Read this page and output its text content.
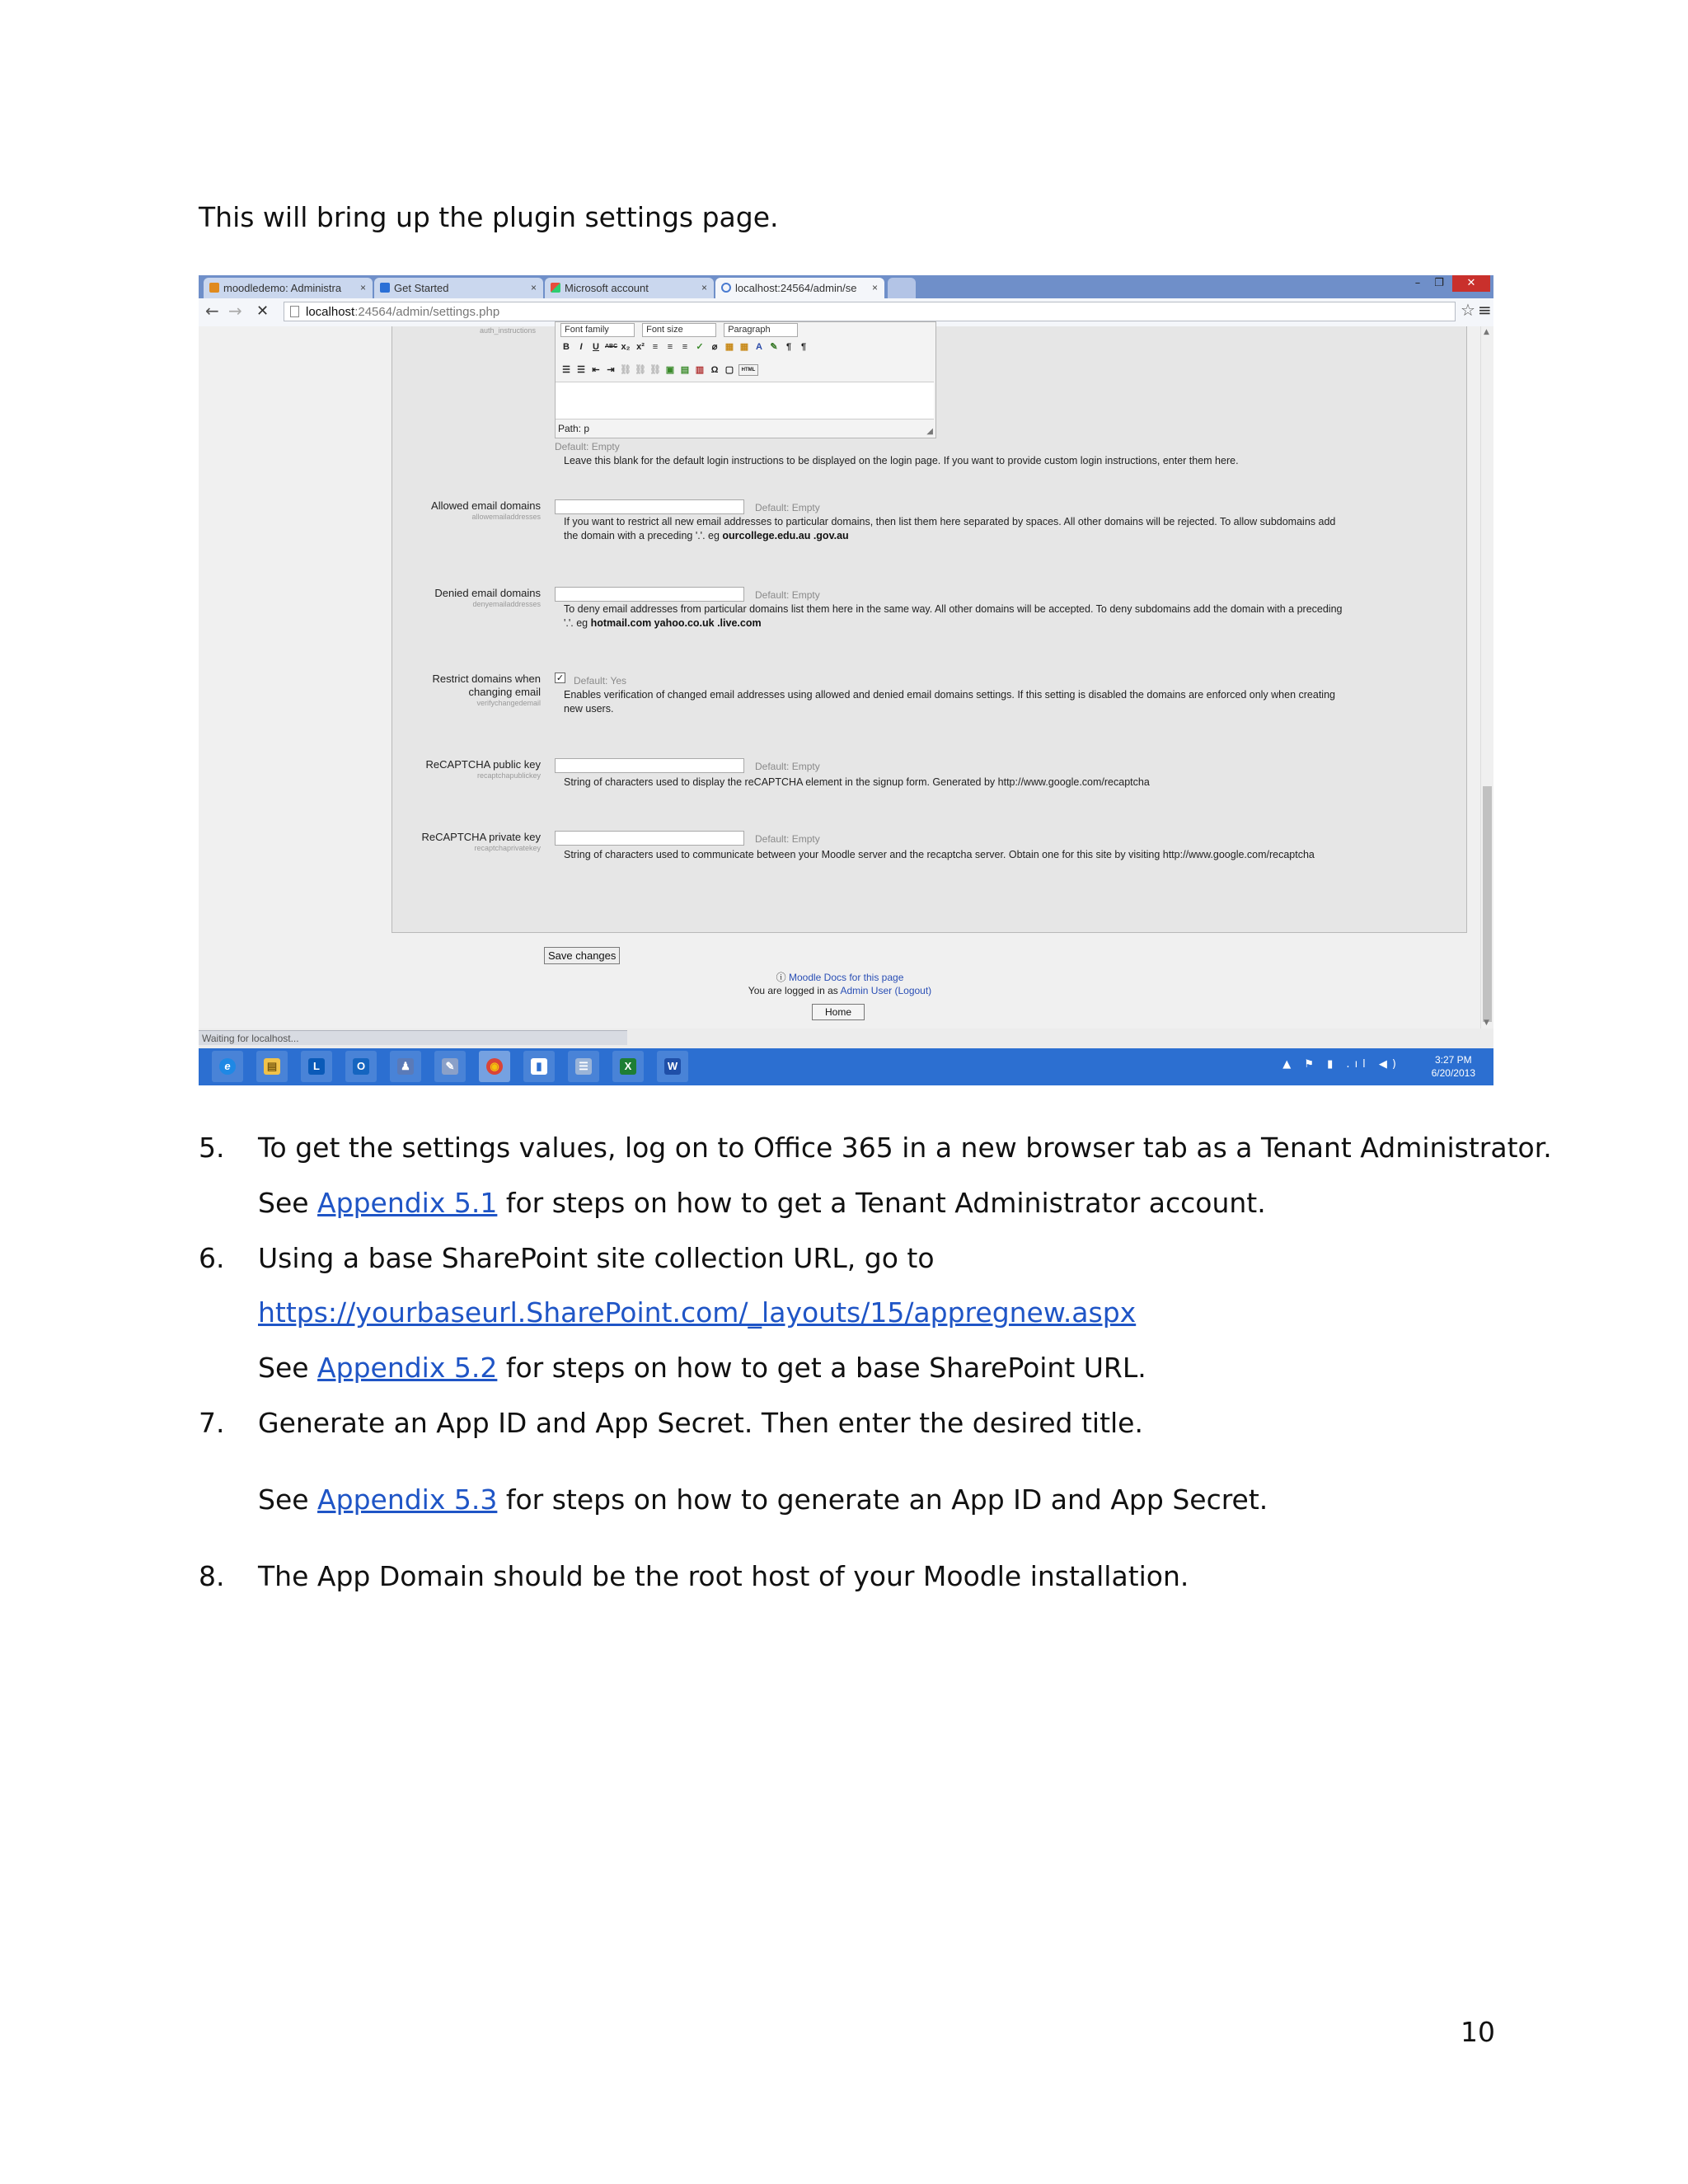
This will bring up the plugin settings page.
moodledemo: Administra ×	Get Started	×	Microsoft account	×	localhost:24564/admin/se ×	–	❐	✕
← → ✕	localhost:24564/admin/settings.php	☆ ≡
auth_instructions	Font family	Font size	Paragraph
B I U ABC x₂ x² ≡ ≡ ≡ ✓ ⌀ ▦ ▦ A ✎ ¶ ¶
☰ ☰ ⇤ ⇥ ⛓ ⛓ ⛓ ▣ ▤ ▥ Ω ▢ HTML
Path: p	◢
Default: Empty
Leave this blank for the default login instructions to be displayed on the login page. If you want to provide custom login instructions, enter them here.
Allowed email domains
allowemailaddresses
Default: Empty
If you want to restrict all new email addresses to particular domains, then list them here separated by spaces. All other domains will be rejected. To allow subdomains add
the domain with a preceding '.'. eg ourcollege.edu.au .gov.au
Denied email domains
denyemailaddresses
Default: Empty
To deny email addresses from particular domains list them here in the same way. All other domains will be accepted. To deny subdomains add the domain with a preceding
'.'. eg hotmail.com yahoo.co.uk .live.com
Restrict domains when
changing email
verifychangedemail
✓ Default: Yes
Enables verification of changed email addresses using allowed and denied email domains settings. If this setting is disabled the domains are enforced only when creating
new users.
ReCAPTCHA public key
recaptchapublickey
Default: Empty
String of characters used to display the reCAPTCHA element in the signup form. Generated by http://www.google.com/recaptcha
ReCAPTCHA private key
recaptchaprivatekey
Default: Empty
String of characters used to communicate between your Moodle server and the recaptcha server. Obtain one for this site by visiting http://www.google.com/recaptcha
Save changes
ⓘ Moodle Docs for this page
You are logged in as Admin User (Logout)
Home
▲
▼
Waiting for localhost...
e	▤	L	O	♟	✎	◉	▮	☰	X	W	▲ ⚑ ▮ .ıl ◀)	3:27 PM
6/20/2013
5. To get the settings values, log on to Office 365 in a new browser tab as a Tenant Administrator.
See Appendix 5.1 for steps on how to get a Tenant Administrator account.
6. Using a base SharePoint site collection URL, go to
https://yourbaseurl.SharePoint.com/_layouts/15/appregnew.aspx
See Appendix 5.2 for steps on how to get a base SharePoint URL.
7. Generate an App ID and App Secret. Then enter the desired title.
See Appendix 5.3 for steps on how to generate an App ID and App Secret.
8. The App Domain should be the root host of your Moodle installation.
10
